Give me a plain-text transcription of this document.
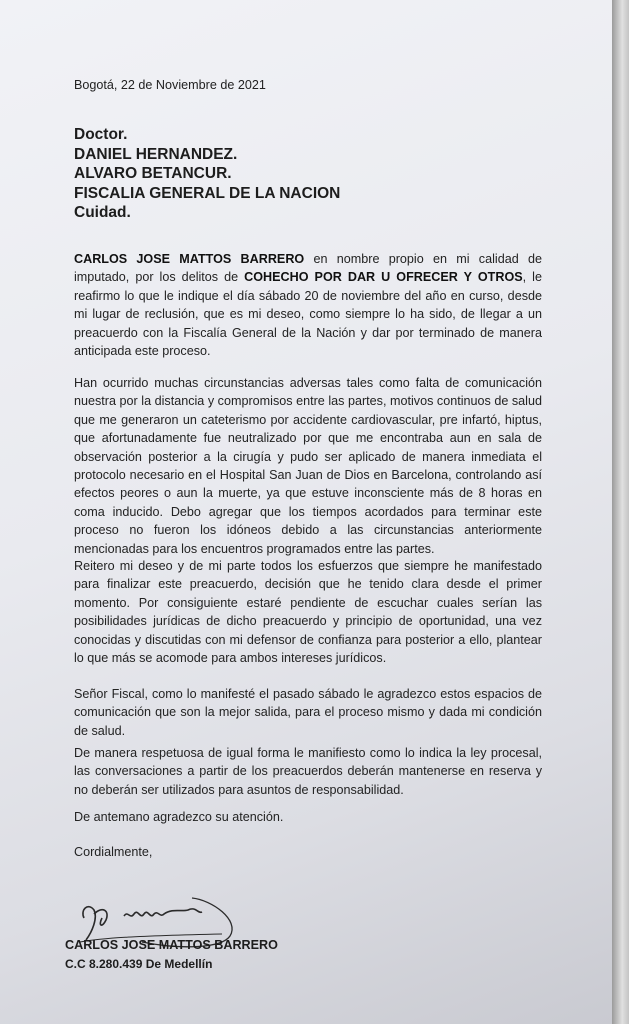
Bogotá, 22 de Noviembre de 2021
Doctor.
DANIEL HERNANDEZ.
ALVARO BETANCUR.
FISCALIA GENERAL DE LA NACION
Cuidad.
CARLOS JOSE MATTOS BARRERO en nombre propio en mi calidad de imputado, por los delitos de COHECHO POR DAR U OFRECER Y OTROS, le reafirmo lo que le indique el día sábado 20 de noviembre del año en curso, desde mi lugar de reclusión, que es mi deseo, como siempre lo ha sido, de llegar a un preacuerdo con la Fiscalía General de la Nación y dar por terminado de manera anticipada este proceso.
Han ocurrido muchas circunstancias adversas tales como falta de comunicación nuestra por la distancia y compromisos entre las partes, motivos continuos de salud que me generaron un cateterismo por accidente cardiovascular, pre infartó, hiptus, que afortunadamente fue neutralizado por que me encontraba aun en sala de observación posterior a la cirugía y pudo ser aplicado de manera inmediata el protocolo necesario en el Hospital San Juan de Dios en Barcelona, controlando así efectos peores o aun la muerte, ya que estuve inconsciente más de 8 horas en coma inducido. Debo agregar que los tiempos acordados para terminar este proceso no fueron los idóneos debido a las circunstancias anteriormente mencionadas para los encuentros programados entre las partes.
Reitero mi deseo y de mi parte todos los esfuerzos que siempre he manifestado para finalizar este preacuerdo, decisión que he tenido clara desde el primer momento. Por consiguiente estaré pendiente de escuchar cuales serían las posibilidades jurídicas de dicho preacuerdo y principio de oportunidad, una vez conocidas y discutidas con mi defensor de confianza para posterior a ello, plantear lo que más se acomode para ambos intereses jurídicos.
Señor Fiscal, como lo manifesté el pasado sábado le agradezco estos espacios de comunicación que son la mejor salida, para el proceso mismo y dada mi condición de salud.
De manera respetuosa de igual forma le manifiesto como lo indica la ley procesal, las conversaciones a partir de los preacuerdos deberán mantenerse en reserva y no deberán ser utilizados para asuntos de responsabilidad.
De antemano agradezco su atención.
Cordialmente,
CARLOS JOSE MATTOS BARRERO
C.C 8.280.439 De Medellín
